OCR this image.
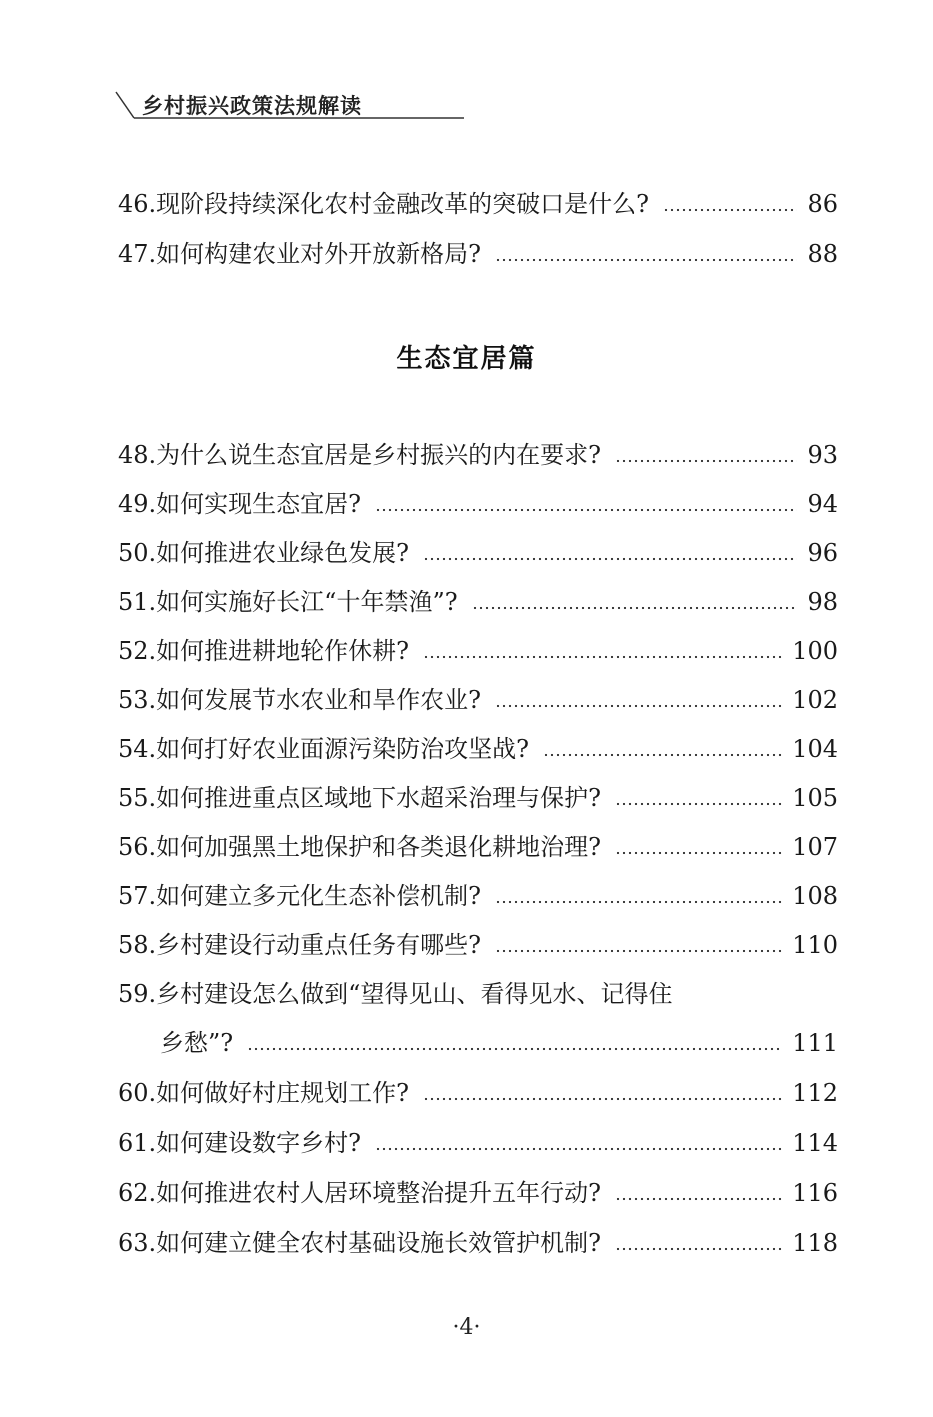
乡村振兴政策法规解读
46. 现阶段持续深化农村金融改革的突破口是什么?	86
47. 如何构建农业对外开放新格局?	88
生态宜居篇
48. 为什么说生态宜居是乡村振兴的内在要求?	93
49. 如何实现生态宜居?	94
50. 如何推进农业绿色发展?	96
51. 如何实施好长江“十年禁渔”?	98
52. 如何推进耕地轮作休耕?	100
53. 如何发展节水农业和旱作农业?	102
54. 如何打好农业面源污染防治攻坚战?	104
55. 如何推进重点区域地下水超采治理与保护?	105
56. 如何加强黑土地保护和各类退化耕地治理?	107
57. 如何建立多元化生态补偿机制?	108
58. 乡村建设行动重点任务有哪些?	110
59. 乡村建设怎么做到“望得见山、看得见水、记得住
乡愁”?	111
60. 如何做好村庄规划工作?	112
61. 如何建设数字乡村?	114
62. 如何推进农村人居环境整治提升五年行动?	116
63. 如何建立健全农村基础设施长效管护机制?	118
·4·
